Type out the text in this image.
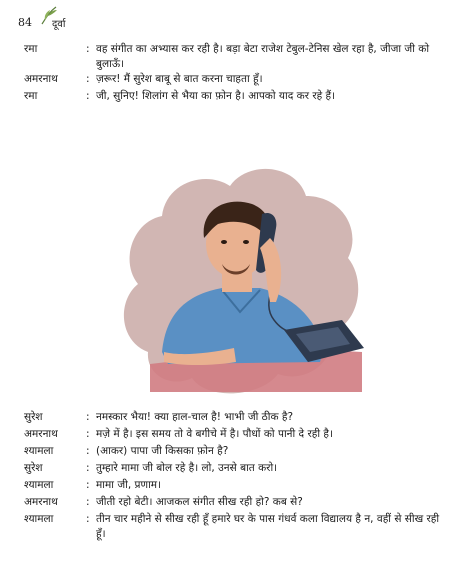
84 दूर्वा
रमा	: वह संगीत का अभ्यास कर रही है। बड़ा बेटा राजेश टेबुल-टेनिस खेल रहा है, जीजा जी को बुलाऊँ।
अमरनाथ	: ज़रूर! मैं सुरेश बाबू से बात करना चाहता हूँ।
रमा	: जी, सुनिए! शिलांग से भैया का फ़ोन है। आपको याद कर रहे हैं।
सुरेश	: नमस्कार भैया! क्या हाल-चाल है! भाभी जी ठीक है?
अमरनाथ	: मज़े में है। इस समय तो वे बगीचे में है। पौधों को पानी दे रही है।
श्यामला	: (आकर) पापा जी किसका फ़ोन है?
सुरेश	: तुम्हारे मामा जी बोल रहे है। लो, उनसे बात करो।
श्यामला	: मामा जी, प्रणाम।
अमरनाथ	: जीती रहो बेटी। आजकल संगीत सीख रही हो? कब से?
श्यामला	: तीन चार महीने से सीख रही हूँ हमारे घर के पास गंधर्व कला विद्यालय है न, वहीं से सीख रही हूँ।
